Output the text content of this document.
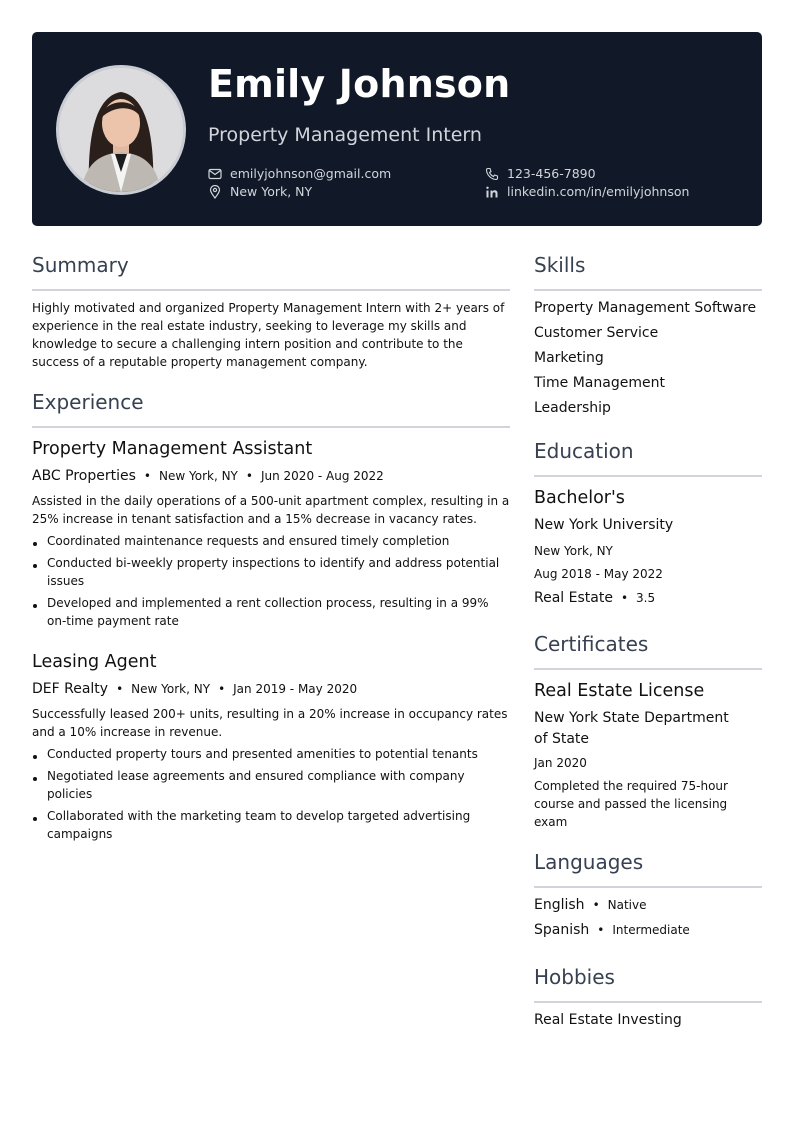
Emily Johnson
Property Management Intern
emilyjohnson@gmail.com
New York, NY
123-456-7890
linkedin.com/in/emilyjohnson
Summary
Highly motivated and organized Property Management Intern with 2+ years of experience in the real estate industry, seeking to leverage my skills and knowledge to secure a challenging intern position and contribute to the success of a reputable property management company.
Experience
Property Management Assistant
ABC Properties • New York, NY • Jun 2020 - Aug 2022
Assisted in the daily operations of a 500-unit apartment complex, resulting in a 25% increase in tenant satisfaction and a 15% decrease in vacancy rates.
Coordinated maintenance requests and ensured timely completion
Conducted bi-weekly property inspections to identify and address potential issues
Developed and implemented a rent collection process, resulting in a 99% on-time payment rate
Leasing Agent
DEF Realty • New York, NY • Jan 2019 - May 2020
Successfully leased 200+ units, resulting in a 20% increase in occupancy rates and a 10% increase in revenue.
Conducted property tours and presented amenities to potential tenants
Negotiated lease agreements and ensured compliance with company policies
Collaborated with the marketing team to develop targeted advertising campaigns
Skills
Property Management Software
Customer Service
Marketing
Time Management
Leadership
Education
Bachelor's
New York University
New York, NY
Aug 2018 - May 2022
Real Estate • 3.5
Certificates
Real Estate License
New York State Department
of State
Jan 2020
Completed the required 75-hour course and passed the licensing exam
Languages
English • Native
Spanish • Intermediate
Hobbies
Real Estate Investing
